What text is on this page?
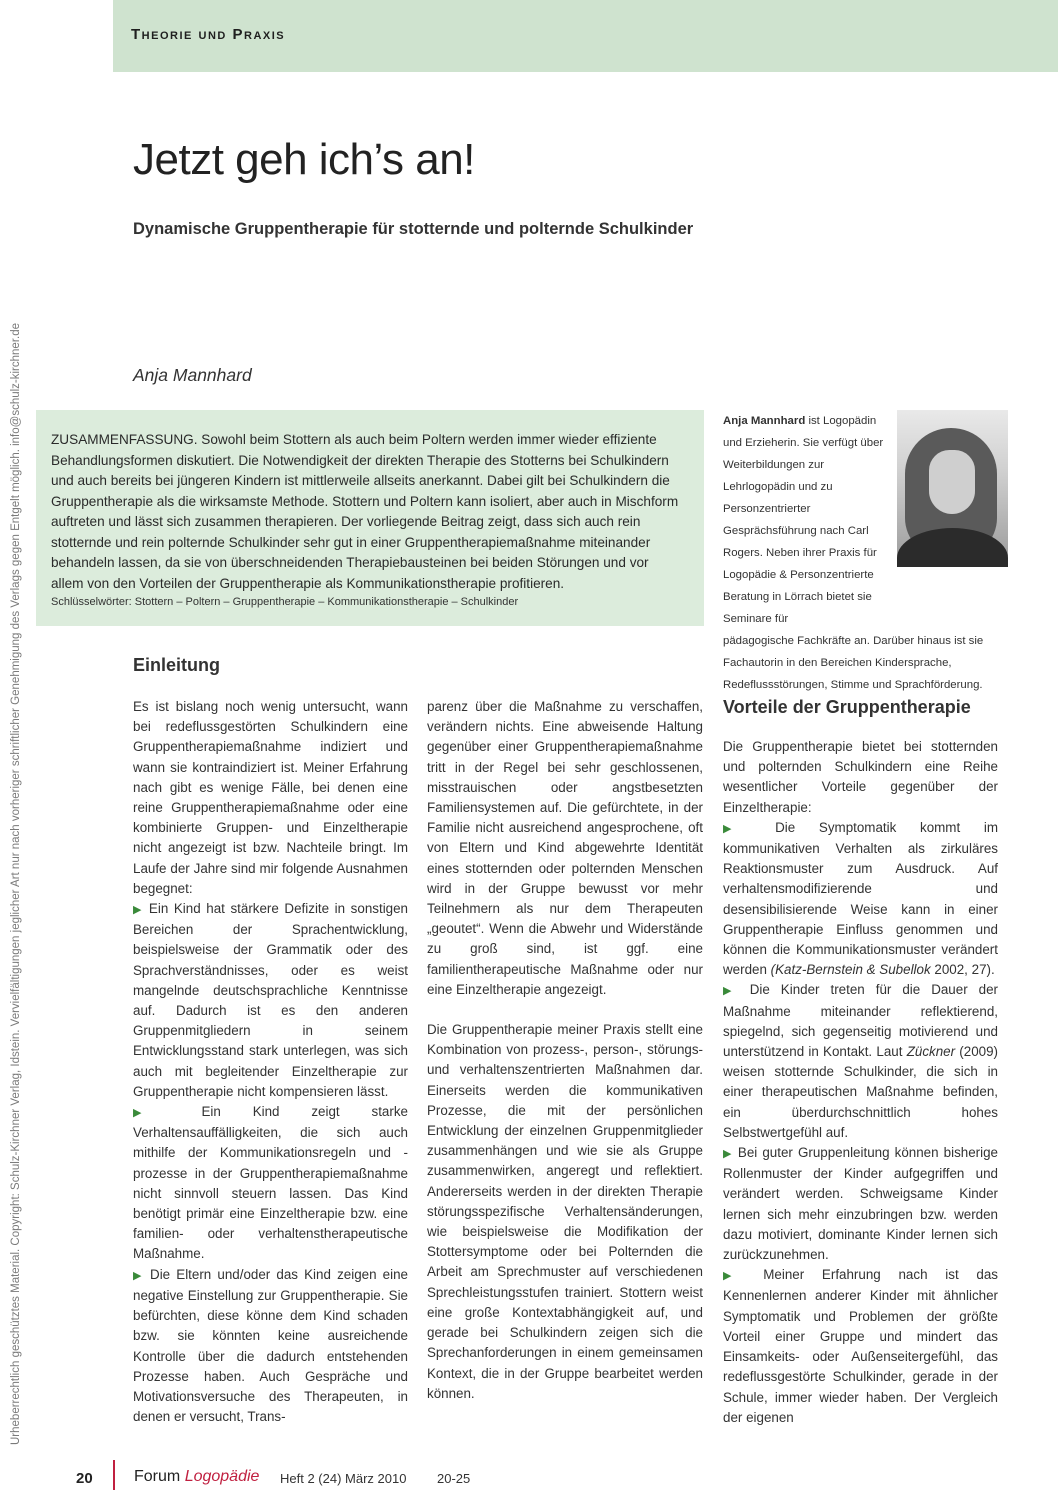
Theorie und Praxis
Urheberrechtlich geschütztes Material. Copyright: Schulz-Kirchner Verlag, Idstein. Vervielfältigungen jeglicher Art nur nach vorheriger schriftlicher Genehmigung des Verlags gegen Entgelt möglich. info@schulz-kirchner.de
Jetzt geh ich’s an!
Dynamische Gruppentherapie für stotternde und polternde Schulkinder
Anja Mannhard
ZUSAMMENFASSUNG. Sowohl beim Stottern als auch beim Poltern werden immer wieder effiziente Behandlungsformen diskutiert. Die Notwendigkeit der direkten Therapie des Stotterns bei Schulkindern und auch bereits bei jüngeren Kindern ist mittlerweile allseits anerkannt. Dabei gilt bei Schulkindern die Gruppentherapie als die wirksamste Methode. Stottern und Poltern kann isoliert, aber auch in Mischform auftreten und lässt sich zusammen therapieren. Der vorliegende Beitrag zeigt, dass sich auch rein stotternde und rein polternde Schulkinder sehr gut in einer Gruppentherapiemaßnahme miteinander behandeln lassen, da sie von überschneidenden Therapiebausteinen bei beiden Störungen und vor allem von den Vorteilen der Gruppentherapie als Kommunikationstherapie profitieren.
Schlüsselwörter: Stottern – Poltern – Gruppentherapie – Kommunikationstherapie – Schulkinder
Anja Mannhard ist Logopädin und Erzieherin. Sie verfügt über Weiterbildungen zur Lehrlogopädin und zu Personzentrierter Gesprächsführung nach Carl Rogers. Neben ihrer Praxis für Logopädie & Personzentrierte Beratung in Lörrach bietet sie Seminare für
pädagogische Fachkräfte an. Darüber hinaus ist sie Fachautorin in den Bereichen Kindersprache, Redeflussstörungen, Stimme und Sprachförderung.
Einleitung

Es ist bislang noch wenig untersucht, wann bei redeflussgestörten Schulkindern eine Gruppentherapiemaßnahme indiziert und wann sie kontraindiziert ist. Meiner Erfahrung nach gibt es wenige Fälle, bei denen eine reine Gruppentherapiemaßnahme oder eine kombinierte Gruppen- und Einzeltherapie nicht angezeigt ist bzw. Nachteile bringt. Im Laufe der Jahre sind mir folgende Ausnahmen begegnet:

▶ Ein Kind hat stärkere Defizite in sonstigen Bereichen der Sprachentwicklung, beispielsweise der Grammatik oder des Sprachverständnisses, oder es weist mangelnde deutschsprachliche Kenntnisse auf. Dadurch ist es den anderen Gruppenmitgliedern in seinem Entwicklungsstand stark unterlegen, was sich auch mit begleitender Einzeltherapie zur Gruppentherapie nicht kompensieren lässt.

▶ Ein Kind zeigt starke Verhaltensauffälligkeiten, die sich auch mithilfe der Kommunikationsregeln und -prozesse in der Gruppentherapiemaßnahme nicht sinnvoll steuern lassen. Das Kind benötigt primär eine Einzeltherapie bzw. eine familien- oder verhaltenstherapeutische Maßnahme.

▶ Die Eltern und/oder das Kind zeigen eine negative Einstellung zur Gruppentherapie. Sie befürchten, diese könne dem Kind schaden bzw. sie könnten keine ausreichende Kontrolle über die dadurch entstehenden Prozesse haben. Auch Gespräche und Motivationsversuche des Therapeuten, in denen er versucht, Trans-

parenz über die Maßnahme zu verschaffen, verändern nichts. Eine abweisende Haltung gegenüber einer Gruppentherapiemaßnahme tritt in der Regel bei sehr geschlossenen, misstrauischen oder angstbesetzten Familiensystemen auf. Die gefürchtete, in der Familie nicht ausreichend angesprochene, oft von Eltern und Kind abgewehrte Identität eines stotternden oder polternden Menschen wird in der Gruppe bewusst vor mehr Teilnehmern als nur dem Therapeuten „geoutet“. Wenn die Abwehr und Widerstände zu groß sind, ist ggf. eine familientherapeutische Maßnahme oder nur eine Einzeltherapie angezeigt.

Die Gruppentherapie meiner Praxis stellt eine Kombination von prozess-, person-, störungs- und verhaltenszentrierten Maßnahmen dar. Einerseits werden die kommunikativen Prozesse, die mit der persönlichen Entwicklung der einzelnen Gruppenmitglieder zusammenhängen und wie sie als Gruppe zusammenwirken, angeregt und reflektiert. Andererseits werden in der direkten Therapie störungsspezifische Verhaltensänderungen, wie beispielsweise die Modifikation der Stottersymptome oder bei Polternden die Arbeit am Sprechmuster auf verschiedenen Sprechleistungsstufen trainiert. Stottern weist eine große Kontextabhängigkeit auf, und gerade bei Schulkindern zeigen sich die Sprechanforderungen in einem gemeinsamen Kontext, die in der Gruppe bearbeitet werden können.

Vorteile der Gruppentherapie

Die Gruppentherapie bietet bei stotternden und polternden Schulkindern eine Reihe wesentlicher Vorteile gegenüber der Einzeltherapie:

▶ Die Symptomatik kommt im kommunikativen Verhalten als zirkuläres Reaktionsmuster zum Ausdruck. Auf verhaltensmodifizierende und desensibilisierende Weise kann in einer Gruppentherapie Einfluss genommen und können die Kommunikationsmuster verändert werden (Katz-Bernstein & Subellok 2002, 27).

▶ Die Kinder treten für die Dauer der Maßnahme miteinander reflektierend, spiegelnd, sich gegenseitig motivierend und unterstützend in Kontakt. Laut Zückner (2009) weisen stotternde Schulkinder, die sich in einer therapeutischen Maßnahme befinden, ein überdurchschnittlich hohes Selbstwertgefühl auf.

▶ Bei guter Gruppenleitung können bisherige Rollenmuster der Kinder aufgegriffen und verändert werden. Schweigsame Kinder lernen sich mehr einzubringen bzw. werden dazu motiviert, dominante Kinder lernen sich zurückzunehmen.

▶ Meiner Erfahrung nach ist das Kennenlernen anderer Kinder mit ähnlicher Symptomatik und Problemen der größte Vorteil einer Gruppe und mindert das Einsamkeits- oder Außenseitergefühl, das redeflussgestörte Schulkinder, gerade in der Schule, immer wieder haben. Der Vergleich der eigenen

20	Forum Logopädie Heft 2 (24) März 2010 20-25
